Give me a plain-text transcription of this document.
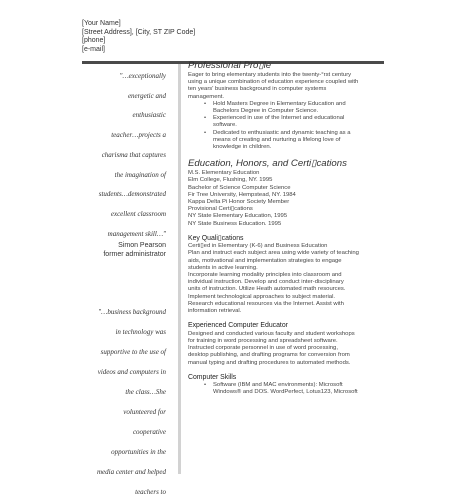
[Your Name]
[Street Address], [City, ST ZIP Code]
[phone]
[e-mail]
"…exceptionally
energetic and
enthusiastic
teacher…projects a
charisma that captures
the imagination of
students…demonstrated
excellent classroom
management skill…"
Simon Pearson
former administrator
"…business background
in technology was
supportive to the use of
videos and computers in
the class…She
volunteered for
cooperative
opportunities in the
media center and helped
teachers to
Professional Pro▯le
Eager to bring elementary students into the twenty-°rst century
using a unique combination of education experience coupled with
ten years' business background in computer systems
management.
• Hold Masters Degree in Elementary Education and
Bachelors Degree in Computer Science.
• Experienced in use of the Internet and educational
software.
• Dedicated to enthusiastic and dynamic teaching as a
means of creating and nurturing a lifelong love of
knowledge in children.
Education, Honors, and Certi▯cations
M.S. Elementary Education
Elm College, Flushing, NY. 1995
Bachelor of Science Computer Science
Fir Tree University, Hempstead, NY. 1984
Kappa Delta Pi Honor Society Member
Provisional Certi▯cations
NY State Elementary Education, 1995
NY State Business Education. 1995
Key Quali▯cations
Certi▯ed in Elementary (K-6) and Business Education
Plan and instruct each subject area using wide variety of teaching
aids, motivational and implementation strategies to engage
students in active learning.
Incorporate learning modality principles into classroom and
individual instruction. Develop and conduct inter-disciplinary
units of instruction. Utilize Heath automated math resources.
Implement technological approaches to subject material.
Research educational resources via the Internet. Assist with
information retrieval.
Experienced Computer Educator
Designed and conducted various faculty and student workshops
for training in word processing and spreadsheet software.
Instructed corporate personnel in use of word processing,
desktop publishing, and drafting programs for conversion from
manual typing and drafting procedures to automated methods.
Computer Skills
• Software (IBM and MAC environments): Microsoft
Windows® and DOS. WordPerfect, Lotus123, Microsoft
